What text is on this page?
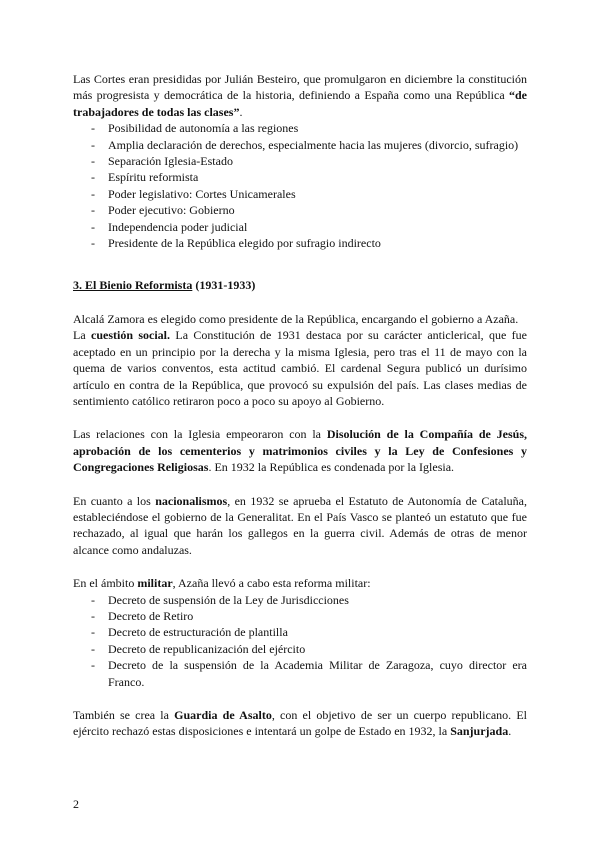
Las Cortes eran presididas por Julián Besteiro, que promulgaron en diciembre la constitución más progresista y democrática de la historia, definiendo a España como una República “de trabajadores de todas las clases”.

- Posibilidad de autonomía a las regiones
- Amplia declaración de derechos, especialmente hacia las mujeres (divorcio, sufragio)
- Separación Iglesia-Estado
- Espíritu reformista
- Poder legislativo: Cortes Unicamerales
- Poder ejecutivo: Gobierno
- Independencia poder judicial
- Presidente de la República elegido por sufragio indirecto
3. El Bienio Reformista (1931-1933)

Alcalá Zamora es elegido como presidente de la República, encargando el gobierno a Azaña.

La cuestión social. La Constitución de 1931 destaca por su carácter anticlerical, que fue aceptado en un principio por la derecha y la misma Iglesia, pero tras el 11 de mayo con la quema de varios conventos, esta actitud cambió. El cardenal Segura publicó un durísimo artículo en contra de la República, que provocó su expulsión del país. Las clases medias de sentimiento católico retiraron poco a poco su apoyo al Gobierno.

Las relaciones con la Iglesia empeoraron con la Disolución de la Compañía de Jesús, aprobación de los cementerios y matrimonios civiles y la Ley de Confesiones y Congregaciones Religiosas. En 1932 la República es condenada por la Iglesia.

En cuanto a los nacionalismos, en 1932 se aprueba el Estatuto de Autonomía de Cataluña, estableciéndose el gobierno de la Generalitat. En el País Vasco se planteó un estatuto que fue rechazado, al igual que harán los gallegos en la guerra civil. Además de otras de menor alcance como andaluzas.

En el ámbito militar, Azaña llevó a cabo esta reforma militar:

- Decreto de suspensión de la Ley de Jurisdicciones
- Decreto de Retiro
- Decreto de estructuración de plantilla
- Decreto de republicanización del ejército
- Decreto de la suspensión de la Academia Militar de Zaragoza, cuyo director era Franco.

También se crea la Guardia de Asalto, con el objetivo de ser un cuerpo republicano. El ejército rechazó estas disposiciones e intentará un golpe de Estado en 1932, la Sanjurjada.

2
